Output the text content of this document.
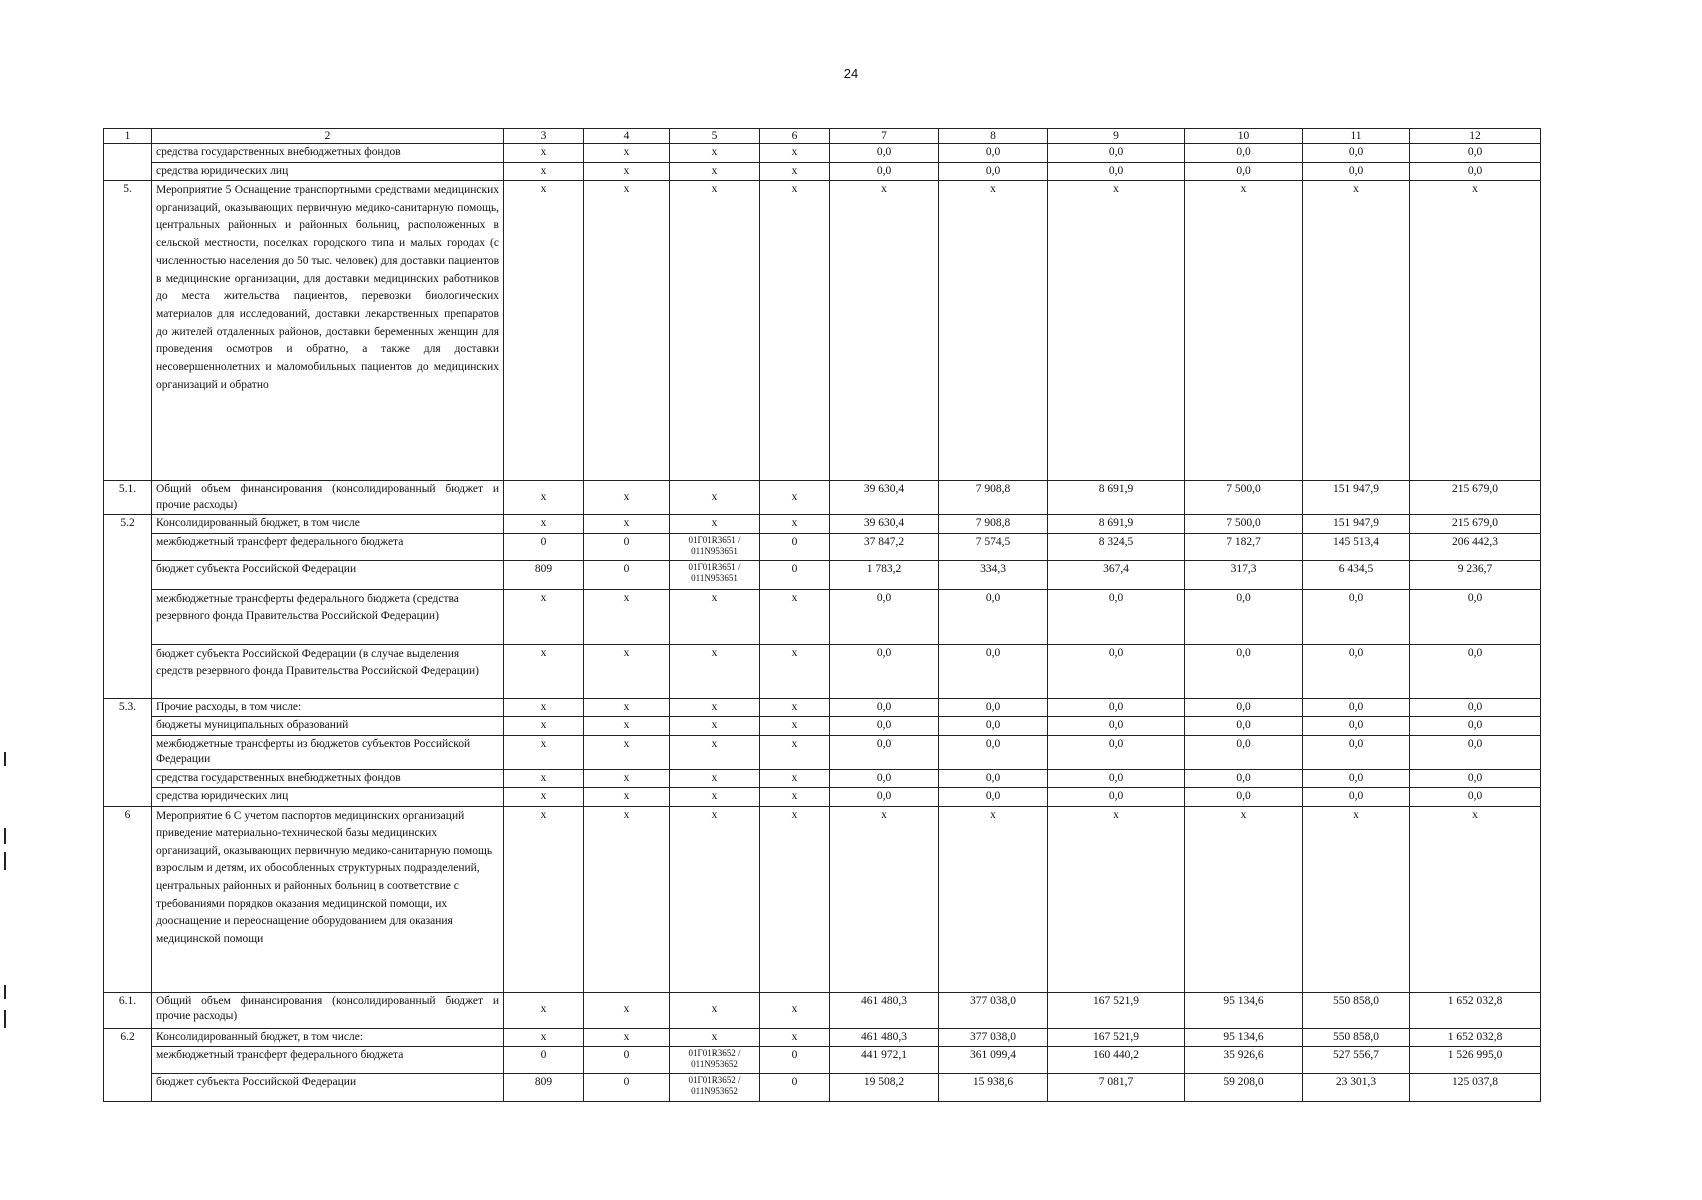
24
1	2	3	4	5	6	7	8	9	10	11	12
	средства государственных внебюджетных фондов	x	x	x	x	0,0	0,0	0,0	0,0	0,0	0,0
	средства юридических лиц	x	x	x	x	0,0	0,0	0,0	0,0	0,0	0,0
5.	Мероприятие 5 Оснащение транспортными средствами медицинских организаций, оказывающих первичную медико-санитарную помощь, центральных районных и районных больниц, расположенных в сельской местности, поселках городского типа и малых городах (с численностью населения до 50 тыс. человек) для доставки пациентов в медицинские организации, для доставки медицинских работников до места жительства пациентов, перевозки биологических материалов для исследований, доставки лекарственных препаратов до жителей отдаленных районов, доставки беременных женщин для проведения осмотров и обратно, а также для доставки несовершеннолетних и маломобильных пациентов до медицинских организаций и обратно	x	x	x	x	x	x	x	x	x	x
5.1.	Общий объем финансирования (консолидированный бюджет и прочие расходы)	x	x	x	x	39 630,4	7 908,8	8 691,9	7 500,0	151 947,9	215 679,0
5.2	Консолидированный бюджет, в том числе	x	x	x	x	39 630,4	7 908,8	8 691,9	7 500,0	151 947,9	215 679,0
	межбюджетный трансферт федерального бюджета	0	0	01Г01R3651 /
011N953651	0	37 847,2	7 574,5	8 324,5	7 182,7	145 513,4	206 442,3
	бюджет субъекта Российской Федерации	809	0	01Г01R3651 /
011N953651	0	1 783,2	334,3	367,4	317,3	6 434,5	9 236,7
	межбюджетные трансферты федерального бюджета (средства резервного фонда Правительства Российской Федерации)	x	x	x	x	0,0	0,0	0,0	0,0	0,0	0,0
	бюджет субъекта Российской Федерации (в случае выделения средств резервного фонда Правительства Российской Федерации)	x	x	x	x	0,0	0,0	0,0	0,0	0,0	0,0
5.3.	Прочие расходы, в том числе:	x	x	x	x	0,0	0,0	0,0	0,0	0,0	0,0
	бюджеты муниципальных образований	x	x	x	x	0,0	0,0	0,0	0,0	0,0	0,0
	межбюджетные трансферты из бюджетов субъектов Российской Федерации	x	x	x	x	0,0	0,0	0,0	0,0	0,0	0,0
	средства государственных внебюджетных фондов	x	x	x	x	0,0	0,0	0,0	0,0	0,0	0,0
	средства юридических лиц	x	x	x	x	0,0	0,0	0,0	0,0	0,0	0,0
6	Мероприятие 6 С учетом паспортов медицинских организаций приведение материально-технической базы медицинских организаций, оказывающих первичную медико-санитарную помощь взрослым и детям, их обособленных структурных подразделений, центральных районных и районных больниц в соответствие с требованиями порядков оказания медицинской помощи, их дооснащение и переоснащение оборудованием для оказания медицинской помощи	x	x	x	x	x	x	x	x	x	x
6.1.	Общий объем финансирования (консолидированный бюджет и прочие расходы)	x	x	x	x	461 480,3	377 038,0	167 521,9	95 134,6	550 858,0	1 652 032,8
6.2	Консолидированный бюджет, в том числе:	x	x	x	x	461 480,3	377 038,0	167 521,9	95 134,6	550 858,0	1 652 032,8
	межбюджетный трансферт федерального бюджета	0	0	01Г01R3652 /
011N953652	0	441 972,1	361 099,4	160 440,2	35 926,6	527 556,7	1 526 995,0
	бюджет субъекта Российской Федерации	809	0	01Г01R3652 /
011N953652	0	19 508,2	15 938,6	7 081,7	59 208,0	23 301,3	125 037,8
